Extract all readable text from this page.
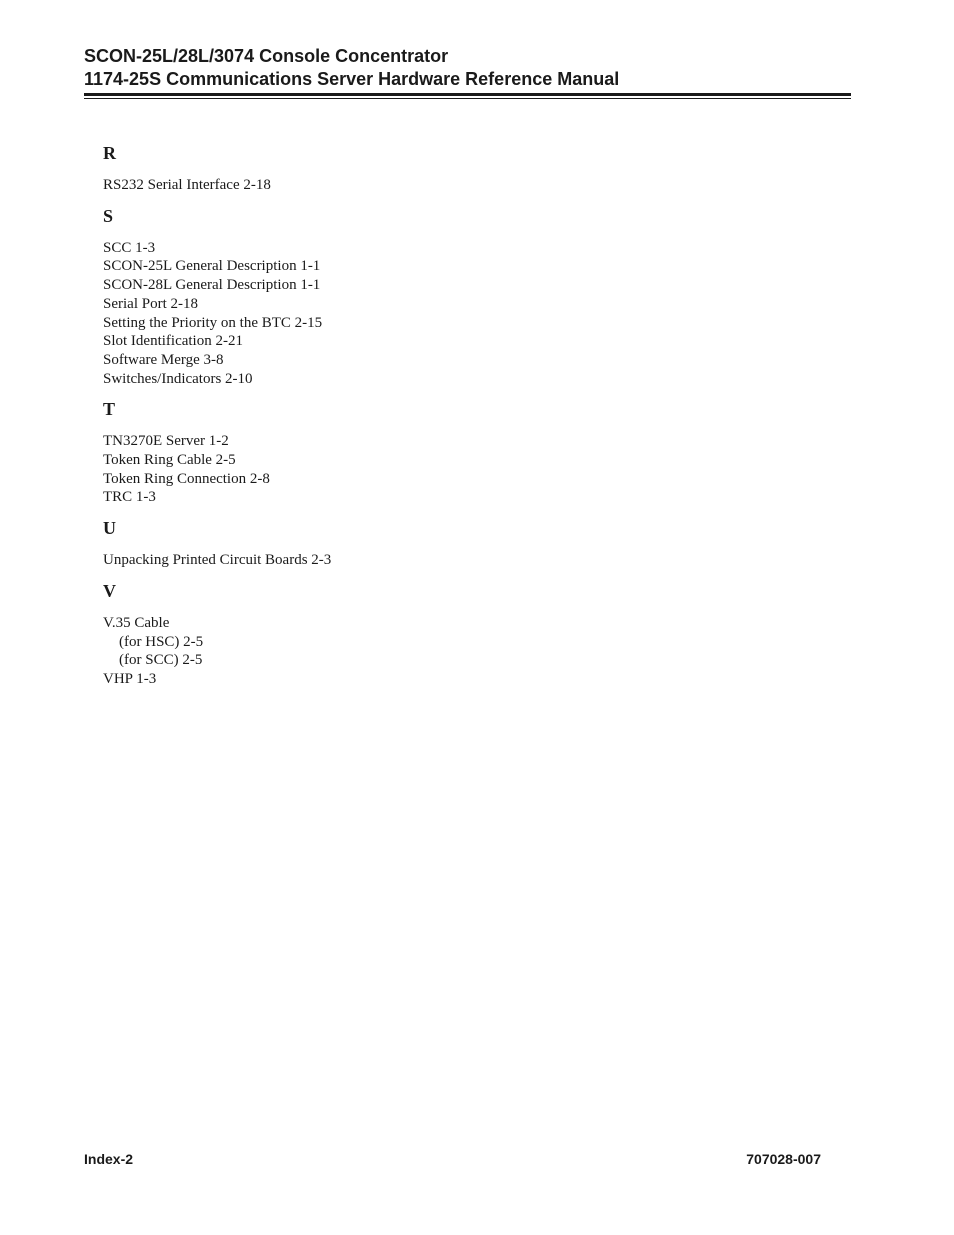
SCON-25L/28L/3074 Console Concentrator
1174-25S Communications Server Hardware Reference Manual
R
RS232 Serial Interface 2-18
S
SCC 1-3
SCON-25L General Description 1-1
SCON-28L General Description 1-1
Serial Port 2-18
Setting the Priority on the BTC 2-15
Slot Identification 2-21
Software Merge 3-8
Switches/Indicators 2-10
T
TN3270E Server 1-2
Token Ring Cable 2-5
Token Ring Connection 2-8
TRC 1-3
U
Unpacking Printed Circuit Boards 2-3
V
V.35 Cable
(for HSC) 2-5
(for SCC) 2-5
VHP 1-3
Index-2	707028-007
